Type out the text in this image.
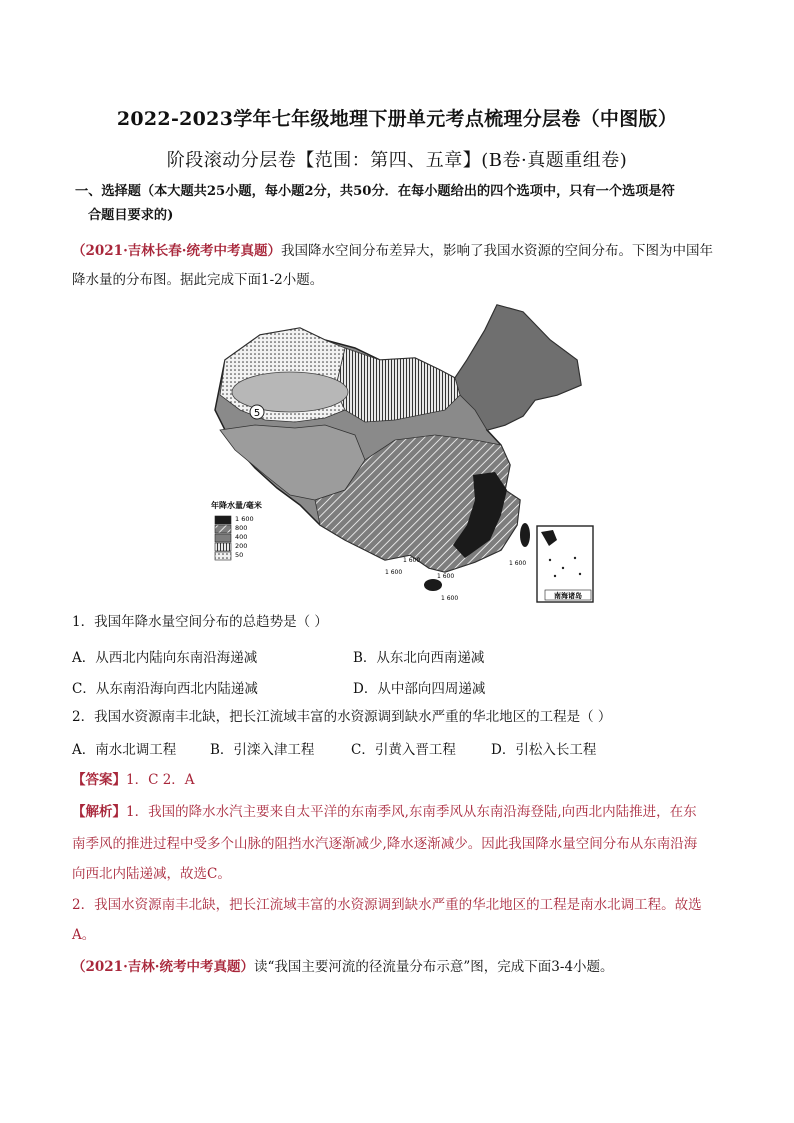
2022-2023学年七年级地理下册单元考点梳理分层卷（中图版）
阶段滚动分层卷【范围：第四、五章】(B卷·真题重组卷)
一、选择题（本大题共25小题，每小题2分，共50分．在每小题给出的四个选项中，只有一个选项是符
合题目要求的)
（2021·吉林长春·统考中考真题）我国降水空间分布差异大，影响了我国水资源的空间分布。下图为中国年
降水量的分布图。据此完成下面1-2小题。
5
1 600
1 600
1 600
1 600
1 600
年降水量/毫米
1 600
800
400
200
50
南海诸岛
1．我国年降水量空间分布的总趋势是（ ）
A．从西北内陆向东南沿海递减	B．从东北向西南递减
C．从东南沿海向西北内陆递减	D．从中部向四周递减
2．我国水资源南丰北缺，把长江流域丰富的水资源调到缺水严重的华北地区的工程是（ ）
A．南水北调工程	B．引滦入津工程	C．引黄入晋工程	D．引松入长工程
【答案】1．C 2．A
【解析】1．我国的降水水汽主要来自太平洋的东南季风,东南季风从东南沿海登陆,向西北内陆推进，在东
南季风的推进过程中受多个山脉的阻挡水汽逐渐减少,降水逐渐减少。因此我国降水量空间分布从东南沿海
向西北内陆递减，故选C。
2．我国水资源南丰北缺，把长江流域丰富的水资源调到缺水严重的华北地区的工程是南水北调工程。故选
A。
（2021·吉林·统考中考真题）读“我国主要河流的径流量分布示意”图，完成下面3-4小题。
